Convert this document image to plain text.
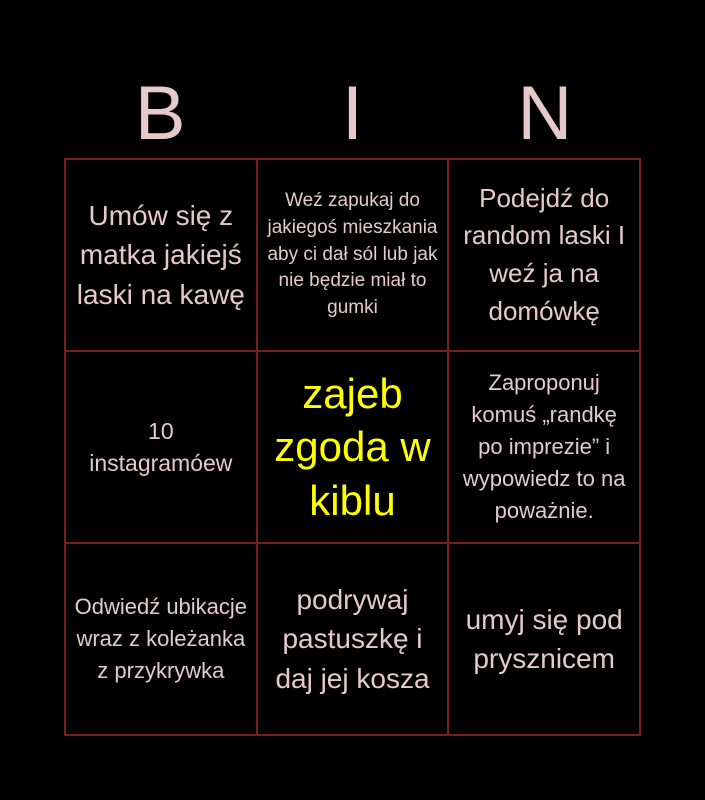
B	I	N
Umów się z matka jakiejś laski na kawę
Weź zapukaj do jakiegoś mieszkania aby ci dał sól lub jak nie będzie miał to gumki
Podejdź do random laski I weź ja na domówkę
10 instagramóew
zajeb zgoda w kiblu
Zaproponuj komuś „randkę po imprezie” i wypowiedz to na poważnie.
Odwiedź ubikacje wraz z koleżanka z przykrywka
podrywaj pastuszkę i daj jej kosza
umyj się pod prysznicem
